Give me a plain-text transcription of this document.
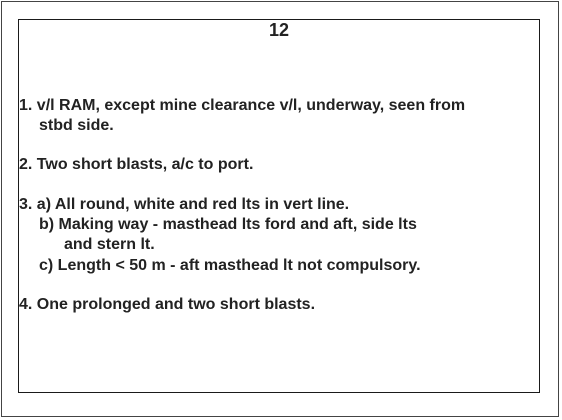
12
1. v/l RAM, except mine clearance v/l, underway, seen from
stbd side.
2. Two short blasts, a/c to port.
3. a) All round, white and red lts in vert line.
b) Making way - masthead lts ford and aft, side lts
and stern lt.
c) Length < 50 m - aft masthead lt not compulsory.
4. One prolonged and two short blasts.
